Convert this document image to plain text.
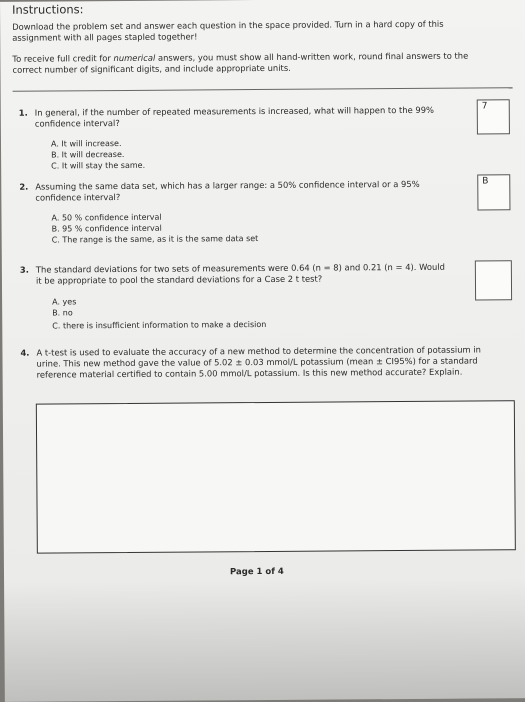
Instructions:
Download the problem set and answer each question in the space provided. Turn in a hard copy of this
assignment with all pages stapled together!
To receive full credit for numerical answers, you must show all hand-written work, round final answers to the
correct number of significant digits, and include appropriate units.
1. In general, if the number of repeated measurements is increased, what will happen to the 99%
confidence interval?
A. It will increase.
B. It will decrease.
C. It will stay the same.
7
2. Assuming the same data set, which has a larger range: a 50% confidence interval or a 95%
confidence interval?
A. 50 % confidence interval
B. 95 % confidence interval
C. The range is the same, as it is the same data set
B
3. The standard deviations for two sets of measurements were 0.64 (n = 8) and 0.21 (n = 4). Would
it be appropriate to pool the standard deviations for a Case 2 t test?
A. yes
B. no
C. there is insufficient information to make a decision
4. A t-test is used to evaluate the accuracy of a new method to determine the concentration of potassium in
urine. This new method gave the value of 5.02 ± 0.03 mmol/L potassium (mean ± CI95%) for a standard
reference material certified to contain 5.00 mmol/L potassium. Is this new method accurate? Explain.
Page 1 of 4
